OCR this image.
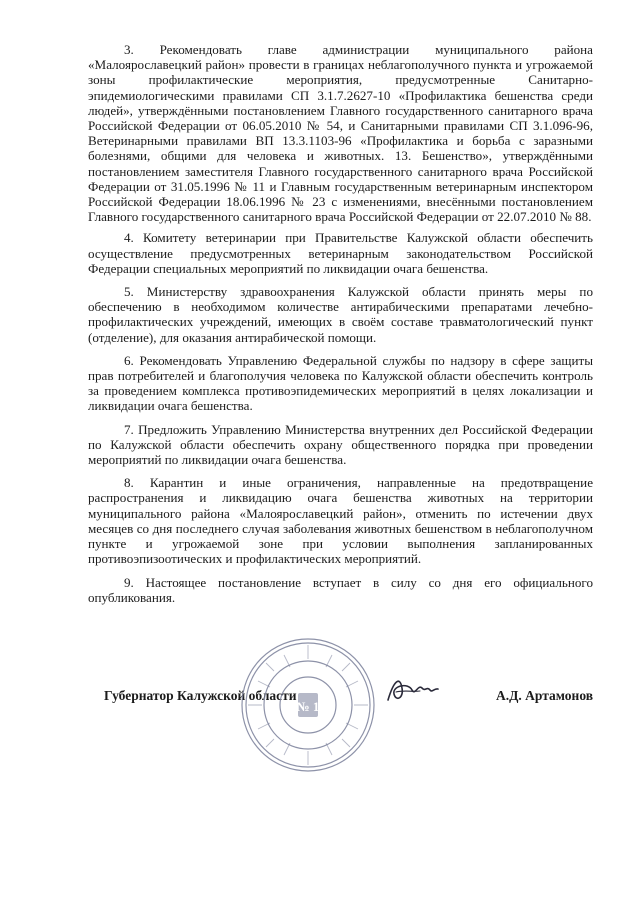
3. Рекомендовать главе администрации муниципального района «Малоярославецкий район» провести в границах неблагополучного пункта и угрожаемой зоны профилактические мероприятия, предусмотренные Санитарно-эпидемиологическими правилами СП 3.1.7.2627-10 «Профилактика бешенства среди людей», утверждёнными постановлением Главного государственного санитарного врача Российской Федерации от 06.05.2010 № 54, и Санитарными правилами СП 3.1.096-96, Ветеринарными правилами ВП 13.3.1103-96 «Профилактика и борьба с заразными болезнями, общими для человека и животных. 13. Бешенство», утверждёнными постановлением заместителя Главного государственного санитарного врача Российской Федерации от 31.05.1996 № 11 и Главным государственным ветеринарным инспектором Российской Федерации 18.06.1996 № 23 с изменениями, внесёнными постановлением Главного государственного санитарного врача Российской Федерации от 22.07.2010 № 88.

4. Комитету ветеринарии при Правительстве Калужской области обеспечить осуществление предусмотренных ветеринарным законодательством Российской Федерации специальных мероприятий по ликвидации очага бешенства.

5. Министерству здравоохранения Калужской области принять меры по обеспечению в необходимом количестве антирабическими препаратами лечебно-профилактических учреждений, имеющих в своём составе травматологический пункт (отделение), для оказания антирабической помощи.

6. Рекомендовать Управлению Федеральной службы по надзору в сфере защиты прав потребителей и благополучия человека по Калужской области обеспечить контроль за проведением комплекса противоэпидемических мероприятий в целях локализации и ликвидации очага бешенства.

7. Предложить Управлению Министерства внутренних дел Российской Федерации по Калужской области обеспечить охрану общественного порядка при проведении мероприятий по ликвидации очага бешенства.

8. Карантин и иные ограничения, направленные на предотвращение распространения и ликвидацию очага бешенства животных на территории муниципального района «Малоярославецкий район», отменить по истечении двух месяцев со дня последнего случая заболевания животных бешенством в неблагополучном пункте и угрожаемой зоне при условии выполнения запланированных противоэпизоотических и профилактических мероприятий.

9. Настоящее постановление вступает в силу со дня его официального опубликования.

Губернатор Калужской области	А.Д. Артамонов
№ 1
